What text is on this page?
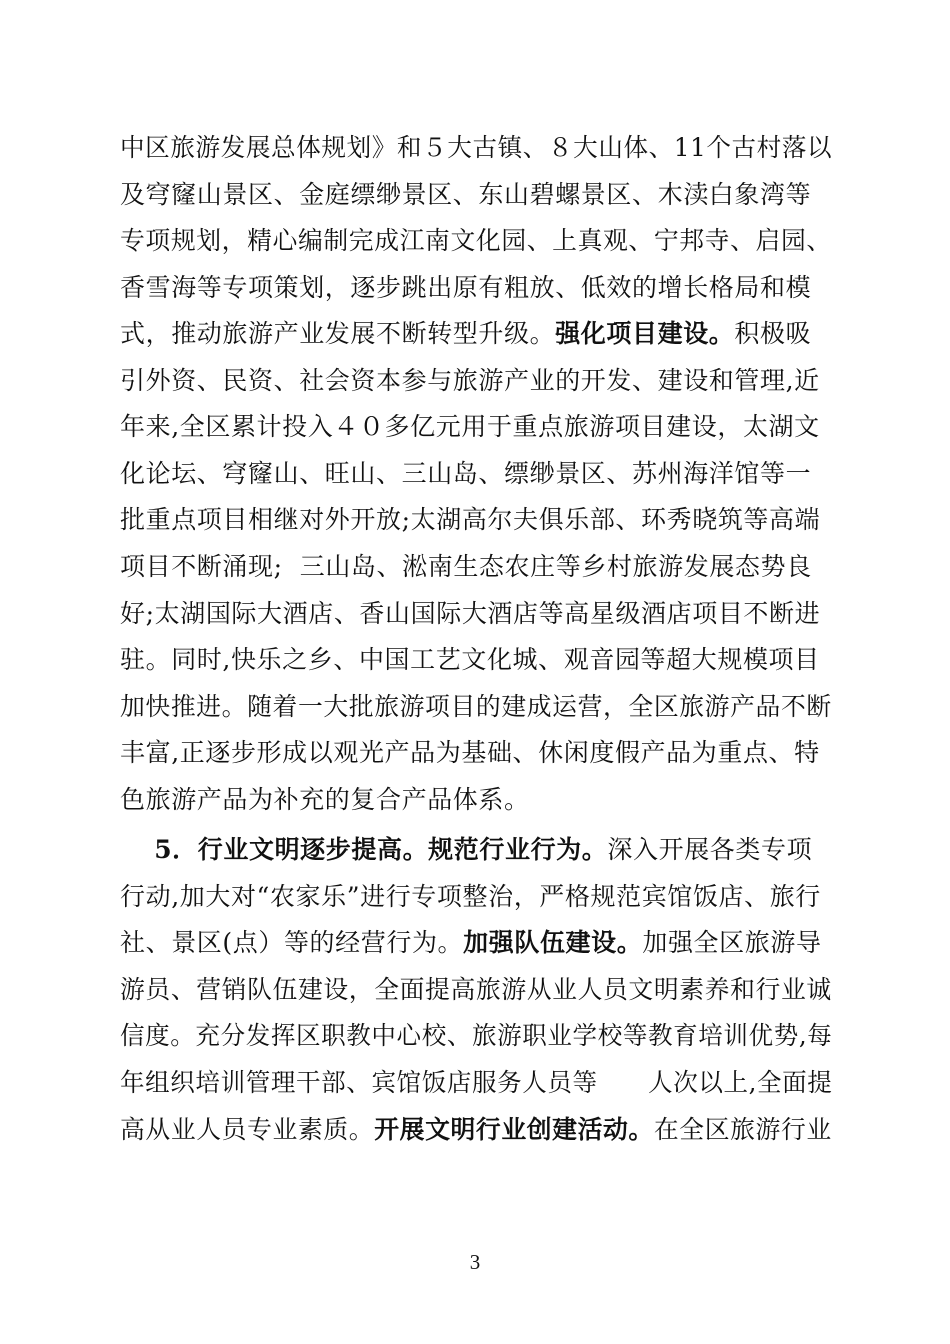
中区旅游发展总体规划》和５大古镇、８大山体、11个古村落以
及穹窿山景区、金庭缥缈景区、东山碧螺景区、木渎白象湾等
专项规划，精心编制完成江南文化园、上真观、宁邦寺、启园、
香雪海等专项策划，逐步跳出原有粗放、低效的增长格局和模
式，推动旅游产业发展不断转型升级。强化项目建设。积极吸
引外资、民资、社会资本参与旅游产业的开发、建设和管理,近
年来,全区累计投入４０多亿元用于重点旅游项目建设，太湖文
化论坛、穹窿山、旺山、三山岛、缥缈景区、苏州海洋馆等一
批重点项目相继对外开放;太湖高尔夫俱乐部、环秀晓筑等高端
项目不断涌现;  三山岛、淞南生态农庄等乡村旅游发展态势良
好;太湖国际大酒店、香山国际大酒店等高星级酒店项目不断进
驻。同时,快乐之乡、中国工艺文化城、观音园等超大规模项目
加快推进。随着一大批旅游项目的建成运营，全区旅游产品不断
丰富,正逐步形成以观光产品为基础、休闲度假产品为重点、特
色旅游产品为补充的复合产品体系。
5．行业文明逐步提高。规范行业行为。深入开展各类专项
行动,加大对“农家乐”进行专项整治，严格规范宾馆饭店、旅行
社、景区(点）等的经营行为。加强队伍建设。加强全区旅游导
游员、营销队伍建设，全面提高旅游从业人员文明素养和行业诚
信度。充分发挥区职教中心校、旅游职业学校等教育培训优势,每
年组织培训管理干部、宾馆饭店服务人员等      人次以上,全面提
高从业人员专业素质。开展文明行业创建活动。在全区旅游行业
3
